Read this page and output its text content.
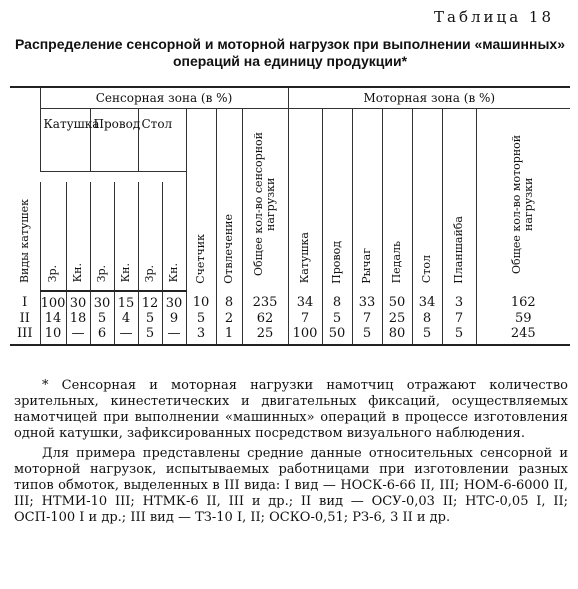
Таблица 18
Распределение сенсорной и моторной нагрузок при выполнении «машинных» операций на единицу продукции*
Виды катушек	Сенсорная зона (в %)									Моторная зона (в %)						
	Катушка		Провод		Стол		Счетчик	Отвлечение	Общее кол-во сенсорной нагрузки	Катушка	Провод	Рычаг	Педаль	Стол	Планшайба	Общее кол-во моторной нагрузки

	Зр.	Кн.	Зр.	Кн.	Зр.	Кн.										
I	100	30	30	15	12	30	10	8	235	34	8	33	50	34	3	162
II	14	18	5	4	5	9	5	2	62	7	5	7	25	8	7	59
III	10	—	6	—	5	—	3	1	25	100	50	5	80	5	5	245

* Сенсорная и моторная нагрузки намотчиц отражают количество зрительных, кинестетических и двигательных фиксаций, осуществляемых намотчицей при выполнении «машинных» операций в процессе изготовления одной катушки, зафиксированных посредством визуального наблюдения.

Для примера представлены средние данные относительных сенсорной и моторной нагрузок, испытываемых работницами при изготовлении разных типов обмоток, выделенных в III вида: I вид — НОСК-6-66 II, III; НОМ-6-6000 II, III; НТМИ-10 III; НТМК-6 II, III и др.; II вид — ОСУ-0,03 II; НТС-0,05 I, II; ОСП-100 I и др.; III вид — ТЗ-10 I, II; ОСКО-0,51; РЗ-6, 3 II и др.
